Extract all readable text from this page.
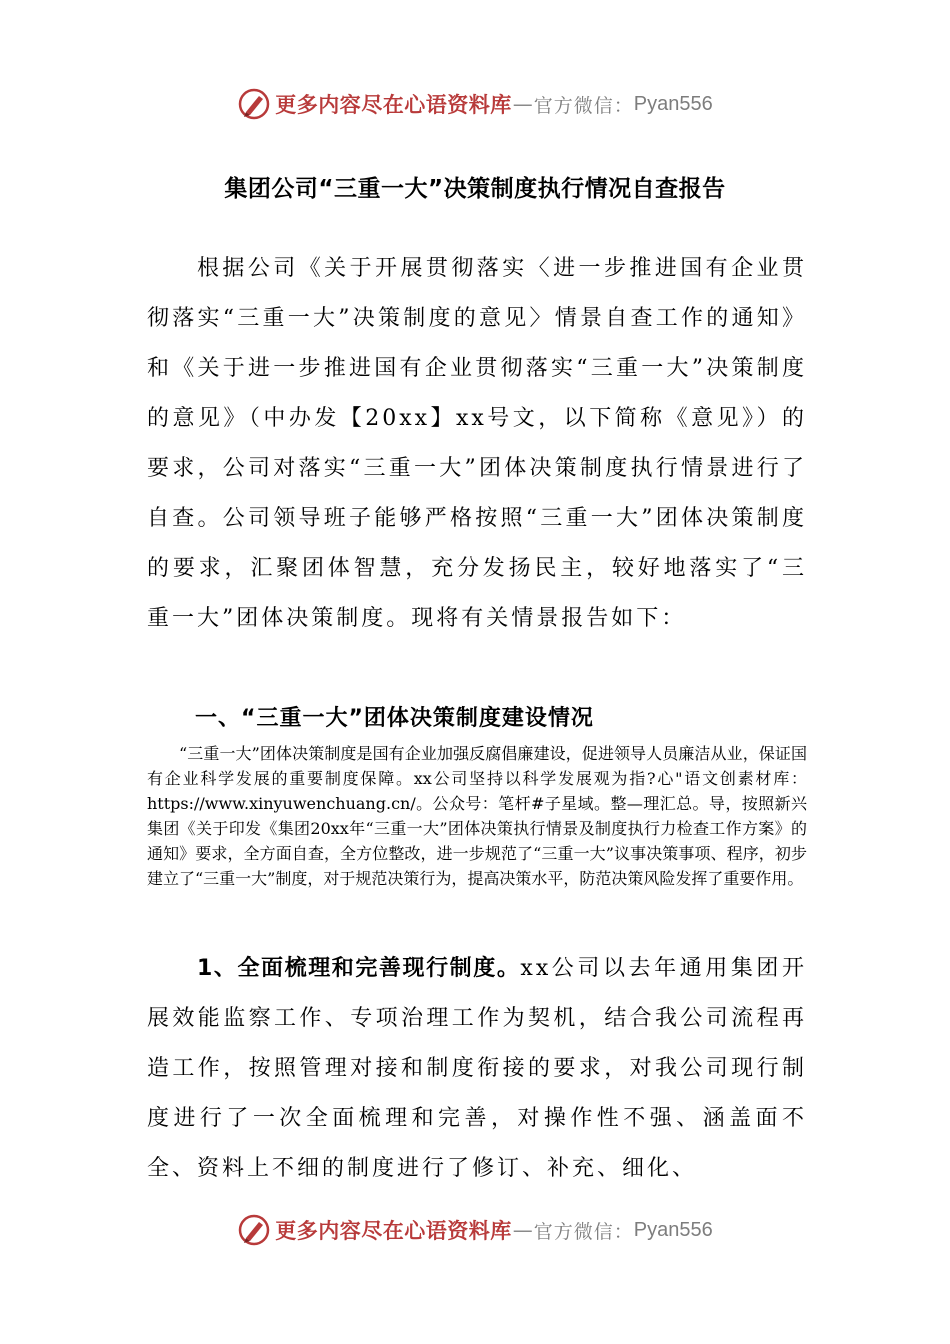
更多内容尽在心语资料库 — 官方微信： Pyan556
集团公司“三重一大”决策制度执行情况自查报告

根据公司《关于开展贯彻落实〈进一步推进国有企业贯彻落实“三重一大”决策制度的意见〉情景自查工作的通知》和《关于进一步推进国有企业贯彻落实“三重一大”决策制度的意见》（中办发【20xx】xx号文，以下简称《意见》）的要求，公司对落实“三重一大”团体决策制度执行情景进行了自查。公司领导班子能够严格按照“三重一大”团体决策制度的要求，汇聚团体智慧，充分发扬民主，较好地落实了“三重一大”团体决策制度。现将有关情景报告如下：

一、“三重一大”团体决策制度建设情况

“三重一大”团体决策制度是国有企业加强反腐倡廉建设，促进领导人员廉洁从业，保证国有企业科学发展的重要制度保障。xx公司坚持以科学发展观为指?心"语文创素材库：https://www.xinyuwenchuang.cn/。公众号：笔杆#子星域。整—理汇总。导，按照新兴集团《关于印发《集团20xx年“三重一大”团体决策执行情景及制度执行力检查工作方案》的通知》要求，全方面自查，全方位整改，进一步规范了“三重一大”议事决策事项、程序，初步建立了“三重一大”制度，对于规范决策行为，提高决策水平，防范决策风险发挥了重要作用。

1、全面梳理和完善现行制度。xx公司以去年通用集团开展效能监察工作、专项治理工作为契机，结合我公司流程再造工作，按照管理对接和制度衔接的要求，对我公司现行制度进行了一次全面梳理和完善，对操作性不强、涵盖面不全、资料上不细的制度进行了修订、补充、细化、

更多内容尽在心语资料库 — 官方微信： Pyan556
